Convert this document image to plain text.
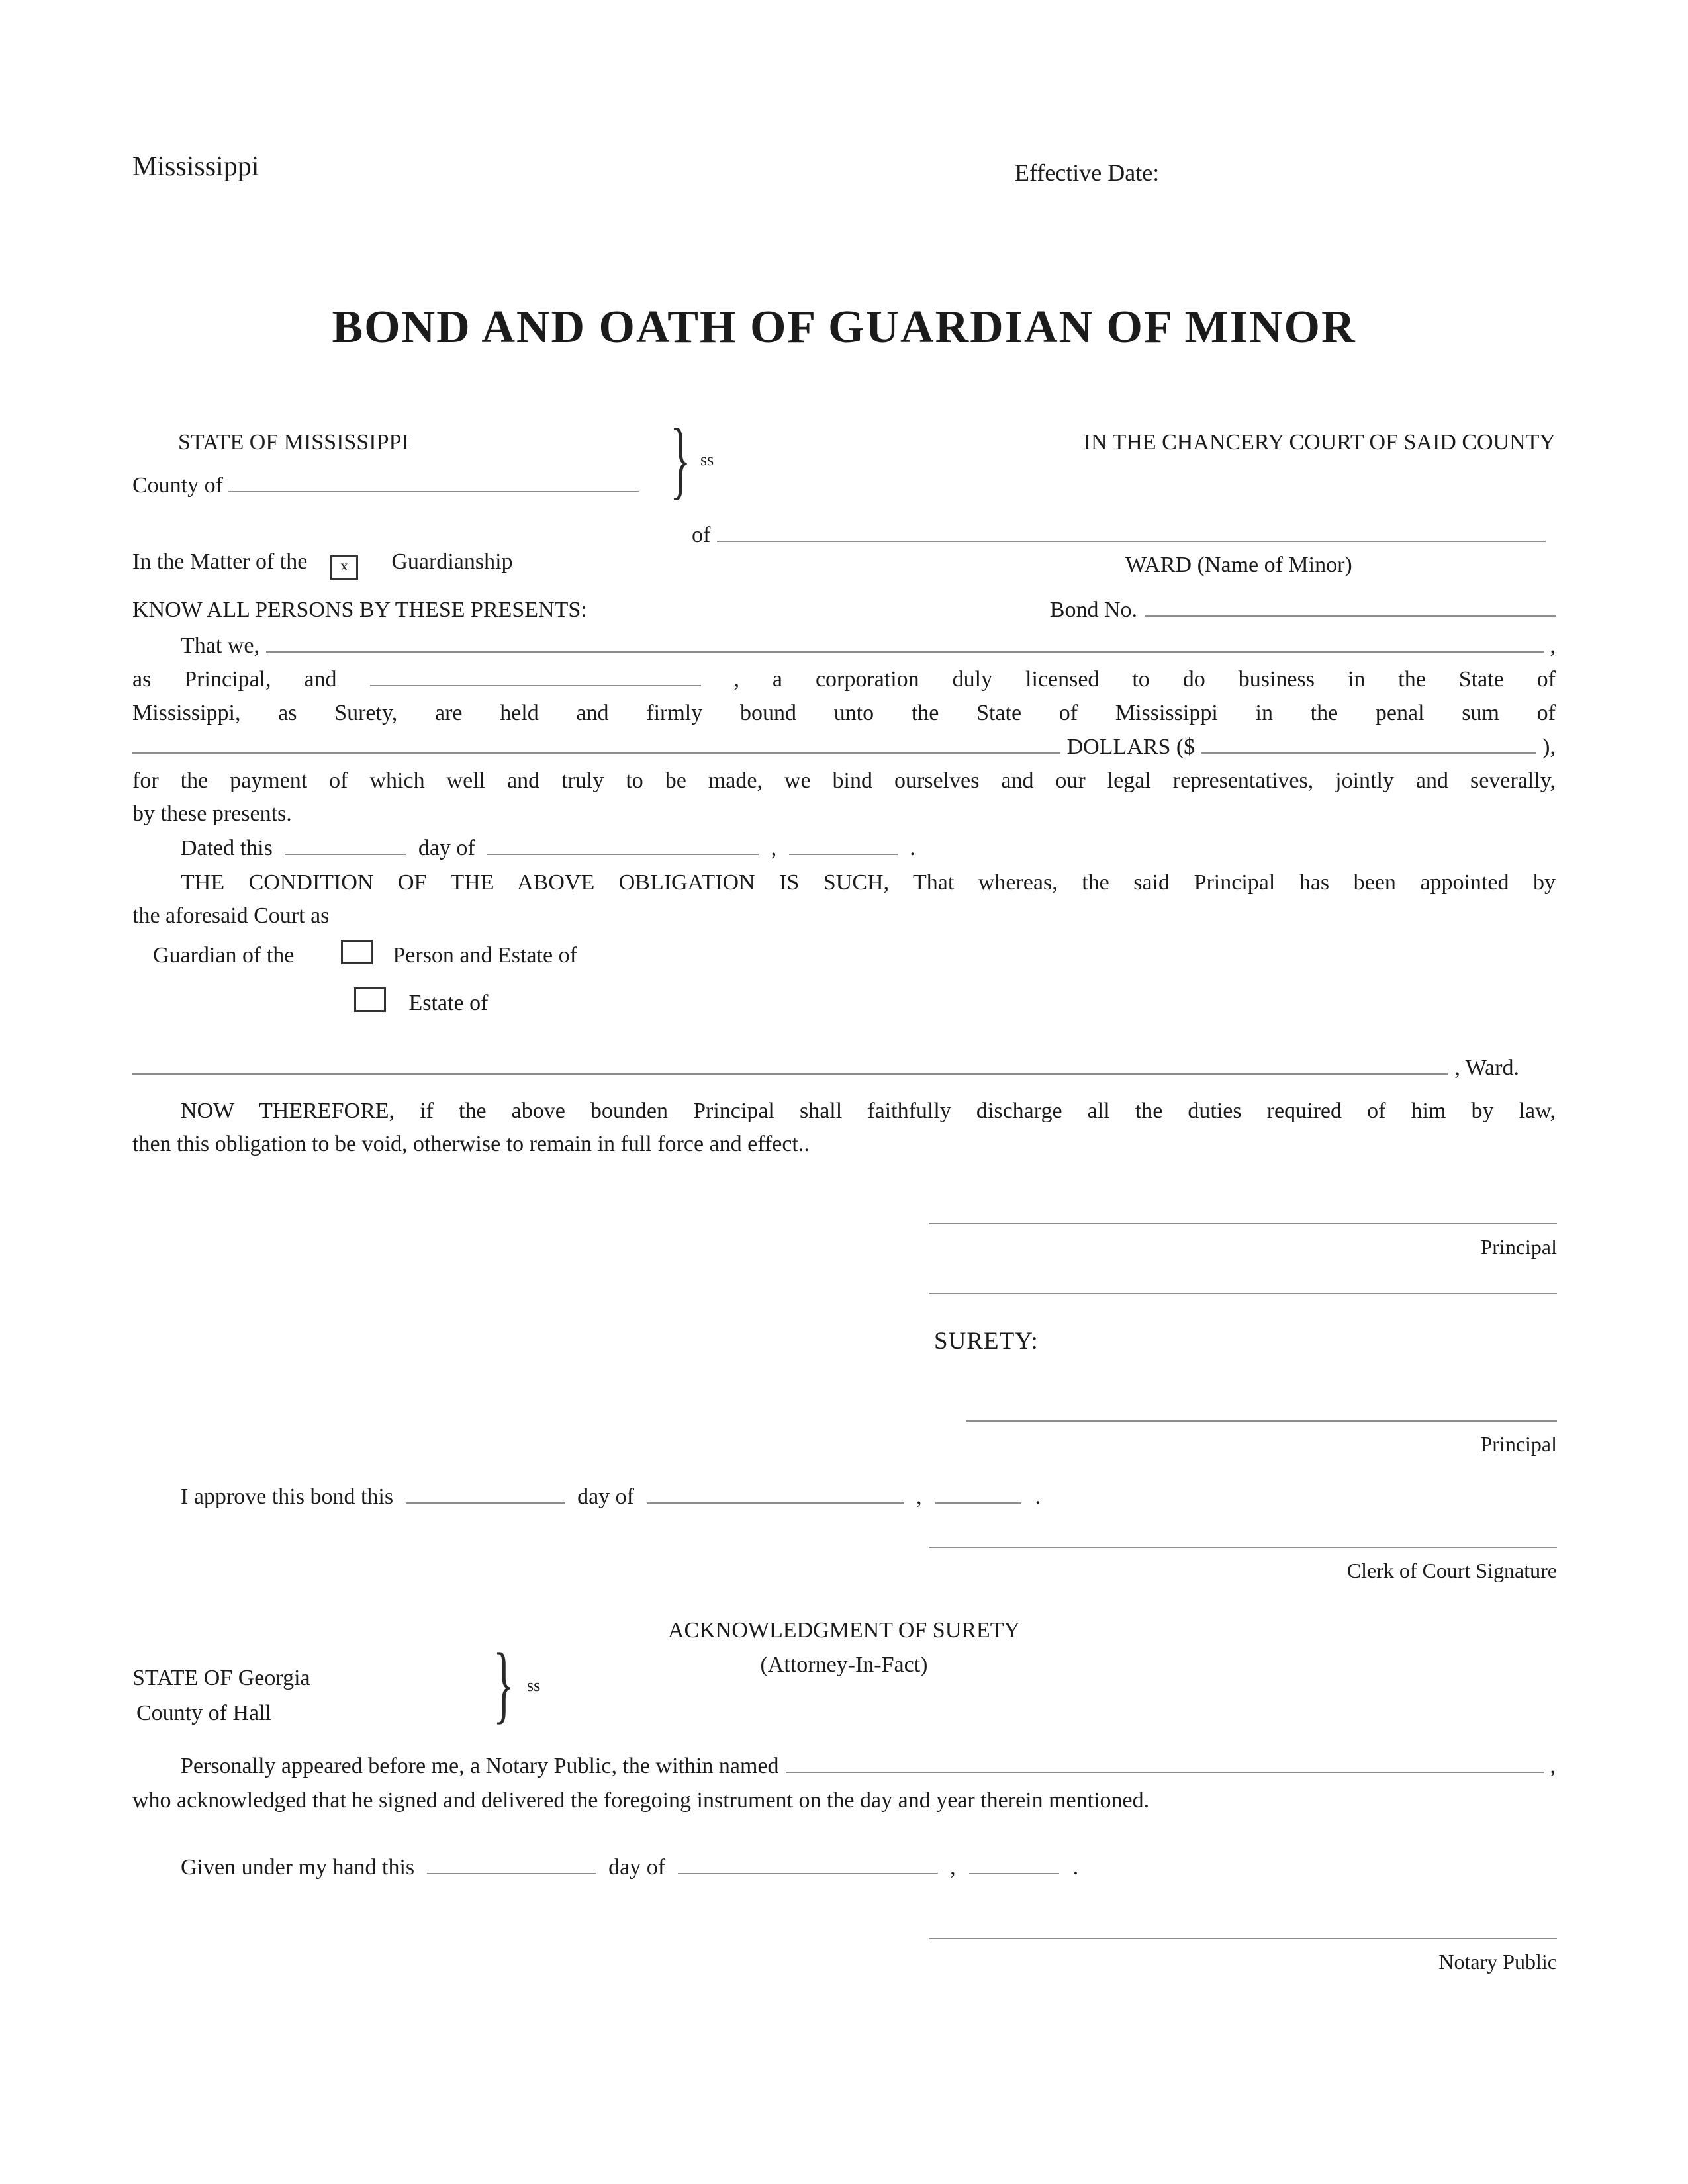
Mississippi	Effective Date:
BOND AND OATH OF GUARDIAN OF MINOR
STATE OF MISSISSIPPI	IN THE CHANCERY COURT OF SAID COUNTY
County of	} ss
of
WARD (Name of Minor)
In the Matter of the x Guardianship
KNOW ALL PERSONS BY THESE PRESENTS:	Bond No.
That we,	,
as Principal, and	, a corporation duly licensed to do business in the State of
Mississippi, as Surety, are held and firmly bound unto the State of Mississippi in the penal sum of
DOLLARS ($	),
for the payment of which well and truly to be made, we bind ourselves and our legal representatives, jointly and severally,
by these presents.
Dated this	day of	,	.
THE CONDITION OF THE ABOVE OBLIGATION IS SUCH, That whereas, the said Principal has been appointed by
the aforesaid Court as
Guardian of the	Person and Estate of
Estate of
, Ward.
NOW THEREFORE, if the above bounden Principal shall faithfully discharge all the duties required of him by law,
then this obligation to be void, otherwise to remain in full force and effect..
Principal
SURETY:
Principal
I approve this bond this	day of	,	.
Clerk of Court Signature
ACKNOWLEDGMENT OF SURETY
(Attorney-In-Fact)
STATE OF Georgia
County of Hall	} ss
Personally appeared before me, a Notary Public, the within named	,
who acknowledged that he signed and delivered the foregoing instrument on the day and year therein mentioned.
Given under my hand this	day of	,	.
Notary Public
